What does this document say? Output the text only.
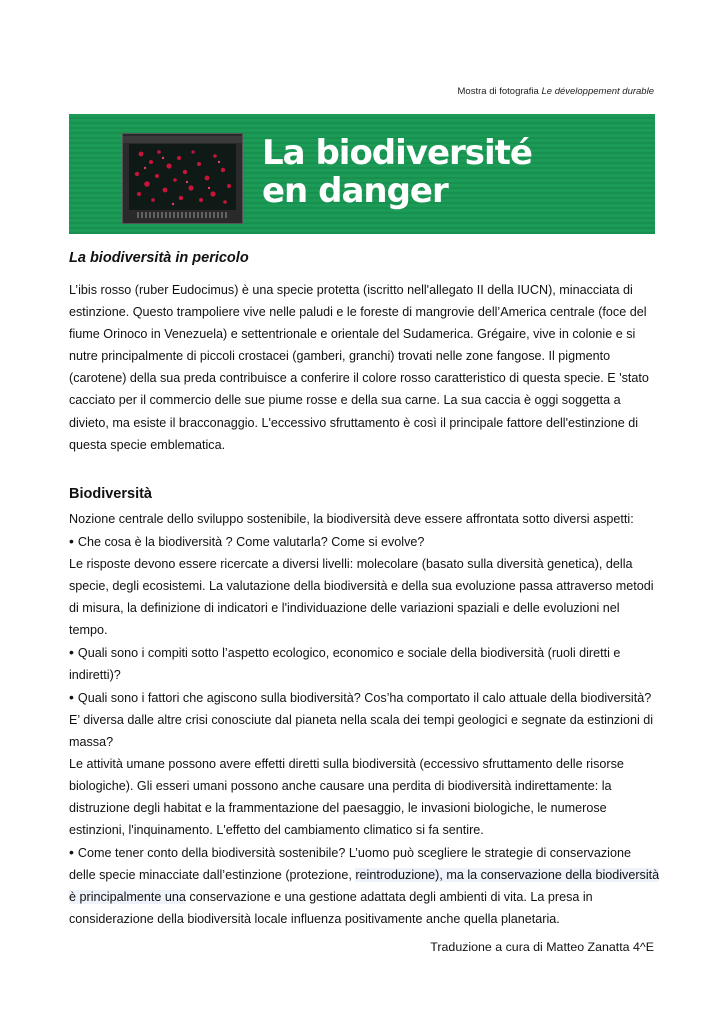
Mostra di fotografia Le développement durable
La biodiversité
en danger
La biodiversità in pericolo
L’ibis rosso (ruber Eudocimus) è una specie protetta (iscritto nell'allegato II della IUCN), minacciata di estinzione. Questo trampoliere vive nelle paludi e le foreste di mangrovie dell’America centrale (foce del fiume Orinoco in Venezuela) e settentrionale e orientale del Sudamerica. Grégaire, vive in colonie e si nutre principalmente di piccoli crostacei (gamberi, granchi) trovati nelle zone fangose. Il pigmento (carotene) della sua preda contribuisce a conferire il colore rosso caratteristico di questa specie. E 'stato cacciato per il commercio delle sue piume rosse e della sua carne. La sua caccia è oggi soggetta a divieto, ma esiste il bracconaggio. L'eccessivo sfruttamento è così il principale fattore dell'estinzione di questa specie emblematica.
Biodiversità

Nozione centrale dello sviluppo sostenibile, la biodiversità deve essere affrontata sotto diversi aspetti:

• Che cosa è la biodiversità ? Come valutarla? Come si evolve?

Le risposte devono essere ricercate a diversi livelli: molecolare (basato sulla diversità genetica), della specie, degli ecosistemi. La valutazione della biodiversità e della sua evoluzione passa attraverso metodi di misura, la definizione di indicatori e l'individuazione delle variazioni spaziali e delle evoluzioni nel tempo.

• Quali sono i compiti sotto l’aspetto ecologico, economico e sociale della biodiversità (ruoli diretti e indiretti)?

• Quali sono i fattori che agiscono sulla biodiversità? Cos’ha comportato il calo attuale della biodiversità? E’ diversa dalle altre crisi conosciute dal pianeta nella scala dei tempi geologici e segnate da estinzioni di massa?

Le attività umane possono avere effetti diretti sulla biodiversità (eccessivo sfruttamento delle risorse biologiche). Gli esseri umani possono anche causare una perdita di biodiversità indirettamente: la distruzione degli habitat e la frammentazione del paesaggio, le invasioni biologiche, le numerose estinzioni, l'inquinamento. L'effetto del cambiamento climatico si fa sentire.

• Come tener conto della biodiversità sostenibile? L’uomo può scegliere le strategie di conservazione delle specie minacciate dall’estinzione (protezione, reintroduzione), ma la conservazione della biodiversità è principalmente una conservazione e una gestione adattata degli ambienti di vita. La presa in considerazione della biodiversità locale influenza positivamente anche quella planetaria.

Traduzione a cura di Matteo Zanatta 4^E
